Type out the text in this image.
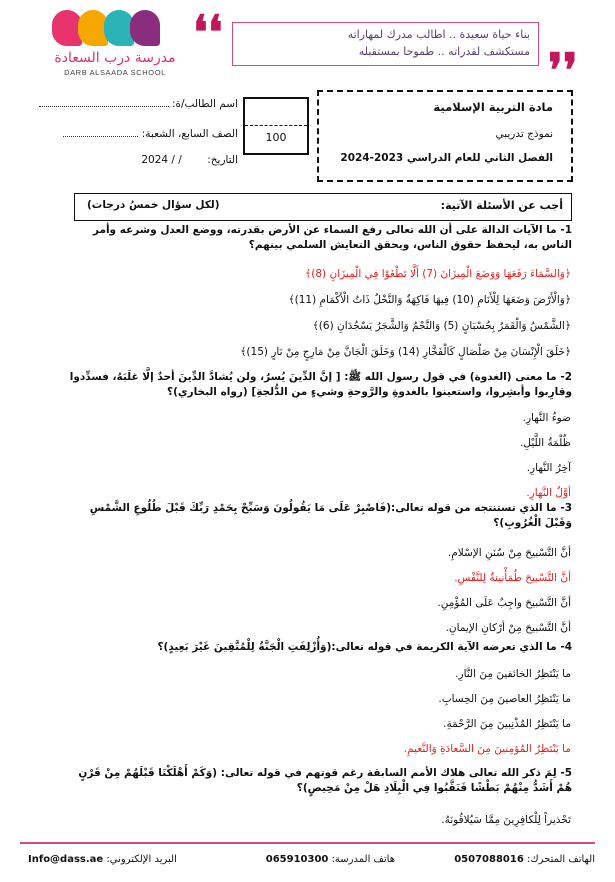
مدرسة درب السعادة
DARB ALSAADA SCHOOL
❛❛	بناء حياة سعيدة .. اطالب مدرك لمهاراته
مستكشف لقدراته .. طموحا بمستقبله ❜❜
اسم الطالب/ة:
الصف السابع، الشعبة:
التاريخ: / / 2024
100
مادة التربية الإسلامية
نموذج تدريبي
الفصل الثاني للعام الدراسي 2023-2024
أجب عن الأسئلة الآتية:
(لكل سؤال خمسُ درجات)
1- ما الآيات الدالة على أن الله تعالى رفع السماء عن الأرض بقدرته، ووضع العدل وشرعه وأمر الناس به، ليحفظ حقوق الناس، ويحقق التعايش السلمي بينهم؟
﴿وَالسَّمَاءَ رَفَعَهَا وَوَضَعَ الْمِيزَانَ (7) أَلَّا تَطْغَوْا فِي الْمِيزَانِ (8)﴾
﴿وَالْأَرْضَ وَضَعَهَا لِلْأَنَامِ (10) فِيهَا فَاكِهَةٌ وَالنَّخْلُ ذَاتُ الْأَكْمَامِ (11)﴾
﴿الشَّمْسُ وَالْقَمَرُ بِحُسْبَانٍ (5) وَالنَّجْمُ وَالشَّجَرُ يَسْجُدَانِ (6)﴾
﴿خَلَقَ الْإِنْسَانَ مِنْ صَلْصَالٍ كَالْفَخَّارِ (14) وَخَلَقَ الْجَانَّ مِنْ مَارِجٍ مِنْ نَارٍ (15)﴾
2- ما معنى (الغدوة) في قول رسول الله ﷺ: [ إنَّ الدِّينَ يُسرٌ، ولن يُشادَّ الدِّينَ أحدٌ إلَّا غلَبَهُ، فسدِّدوا وقارِبوا وأبشِروا، واستعينوا بالغدوةِ والرَّوحةِ وشيءٍ من الدُّلجةِ] (رواه البخاري)؟
ضوءُ النَّهارِ.
ظُلْمَةُ اللَّيْلِ.
آخِرُ النَّهارِ.
أوَّلُ النَّهارِ.
3- ما الذي تستنتجه من قوله تعالى:(فَاصْبِرْ عَلَى مَا يَقُولُونَ وَسَبِّحْ بِحَمْدِ رَبِّكَ قَبْلَ طُلُوعِ الشَّمْسِ وَقَبْلَ الْغُرُوبِ)؟
أنَّ التَّسْبيحَ مِنْ سُنَنِ الإسْلامِ.
أنَّ التَّسْبيحَ طُمَأْنينةٌ لِلنَّفْسِ.
أنَّ التَّسْبيحَ واجِبٌ عَلَى المُؤْمِنِ.
أنَّ التَّسْبيحَ مِنْ أرْكانِ الإيمانِ.
4- ما الذي تعرضه الآية الكريمة في قوله تعالى:(وَأُزْلِفَتِ الْجَنَّةُ لِلْمُتَّقِينَ غَيْرَ بَعِيدٍ)؟
ما يَنْتَظِرُ الخائفينَ مِنَ النَّارِ.
ما يَنْتَظِرُ العاصينَ مِنَ الحِسابِ.
ما يَنْتَظِرُ المُذْنِبينَ مِنَ الرَّحْمَةِ.
ما يَنْتَظِرُ المُؤمِنينَ مِنَ السَّعادَةِ وَالنَّعيمِ.
5- لِمَ ذكر الله تعالى هلاك الأمم السابقة رغم قوتهم في قوله تعالى: (وَكَمْ أَهْلَكْنَا قَبْلَهُمْ مِنْ قَرْنٍ هُمْ أَشَدُّ مِنْهُمْ بَطْشًا فَنَقَّبُوا فِي الْبِلَادِ هَلْ مِنْ مَحِيصٍ)؟
تَحْذيراً لِلْكافِرِينَ مِمَّا سَيُلاقُونَهُ.
الهاتف المتحرك: 0507088016
هاتف المدرسة: 065910300
البريد الإلكتروني: Info@dass.ae
